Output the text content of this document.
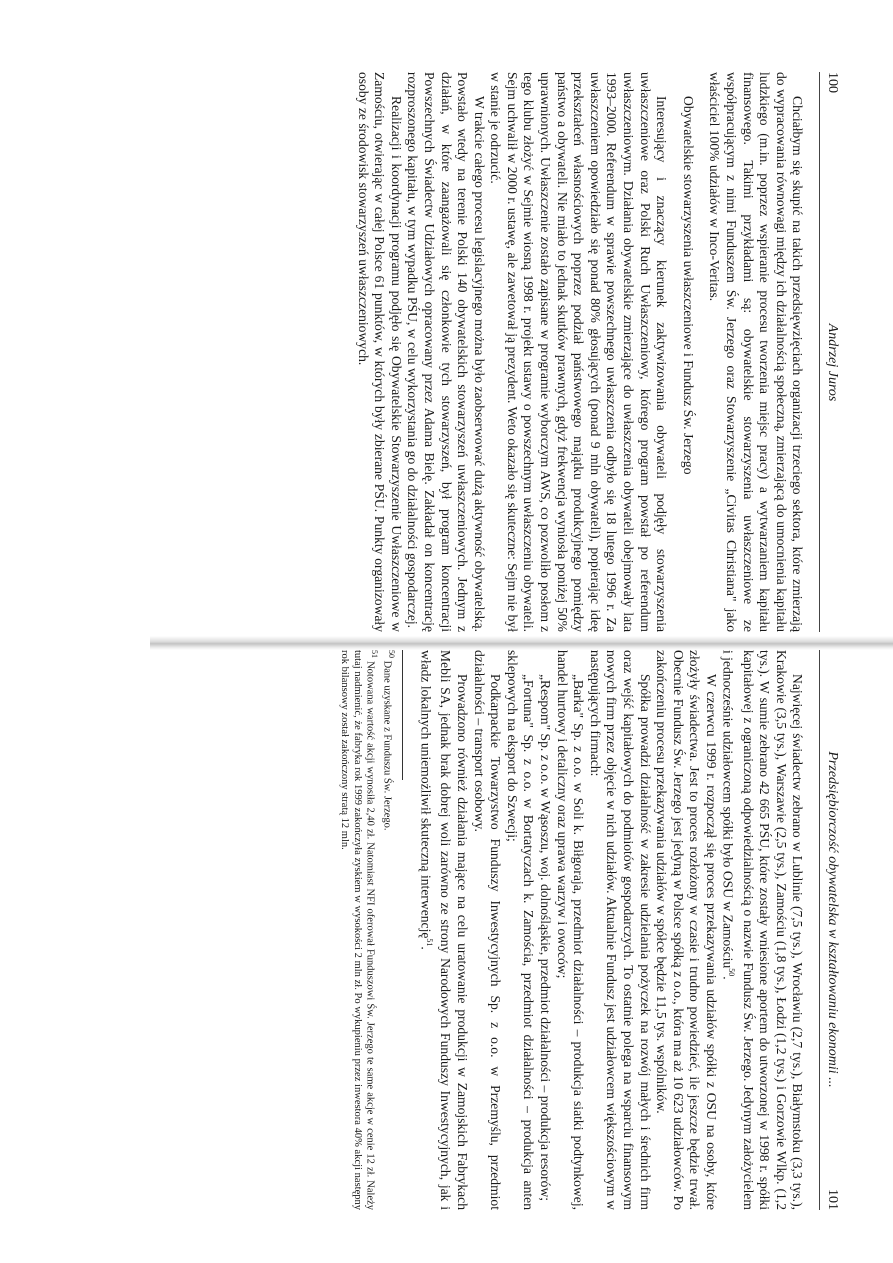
100
Andrzej Juros

Chciałbym się skupić na takich przedsięwzięciach organizacji trzeciego sektora, które zmierzają do wypracowania równowagi między ich działalnością społeczną, zmierzającą do umocnienia kapitału ludzkiego (m.in. poprzez wspieranie procesu tworzenia miejsc pracy) a wytwarzaniem kapitału finansowego. Takimi przykładami są: obywatelskie stowarzyszenia uwłaszczeniowe ze współpracującym z nimi Funduszem Św. Jerzego oraz Stowarzyszenie „Civitas Christiana" jako właściciel 100% udziałów w Inco-Veritas.

Obywatelskie stowarzyszenia uwłaszczeniowe i Fundusz Św. Jerzego

Interesujący i znaczący kierunek zaktywizowania obywateli podjęły stowarzyszenia uwłaszczeniowe oraz Polski Ruch Uwłaszczeniowy, którego program powstał po referendum uwłaszczeniowym. Działania obywatelskie zmierzające do uwłaszczenia obywateli obejmowały lata 1993–2000. Referendum w sprawie powszechnego uwłaszczenia odbyło się 18 lutego 1996 r. Za uwłaszczeniem opowiedziało się ponad 80% głosujących (ponad 9 mln obywateli), popierając ideę przekształceń własnościowych poprzez podział państwowego majątku produkcyjnego pomiędzy państwo a obywateli. Nie miało to jednak skutków prawnych, gdyż frekwencja wyniosła poniżej 50% uprawnionych. Uwłaszczenie zostało zapisane w programie wyborczym AWS, co pozwoliło posłom z tego klubu złożyć w Sejmie wiosną 1998 r. projekt ustawy o powszechnym uwłaszczeniu obywateli. Sejm uchwalił w 2000 r. ustawę, ale zawetował ją prezydent. Weto okazało się skuteczne: Sejm nie był w stanie je odrzucić.

W trakcie całego procesu legislacyjnego można było zaobserwować dużą aktywność obywatelską. Powstało wtedy na terenie Polski 140 obywatelskich stowarzyszeń uwłaszczeniowych. Jednym z działań, w które zaangażowali się członkowie tych stowarzyszeń, był program koncentracji Powszechnych Świadectw Udziałowych opracowany przez Adama Bielę. Zakładał on koncentrację rozproszonego kapitału, w tym wypadku PŚU, w celu wykorzystania go do działalności gospodarczej.

Realizacji i koordynacji programu podjęło się Obywatelskie Stowarzyszenie Uwłaszczeniowe w Zamościu, otwierając w całej Polsce 61 punktów, w których były zbierane PŚU. Punkty organizowały osoby ze środowisk stowarzyszeń uwłaszczeniowych.

Przedsiębiorczość obywatelska w kształtowaniu ekonomii ...
101

Najwięcej świadectw zebrano w Lublinie (7,5 tys.), Wrocławiu (2,7 tys.), Białymstoku (3,3 tys.), Krakowie (3,5 tys.), Warszawie (2,5 tys.), Zamościu (1,8 tys.), Łodzi (1,2 tys.) i Gorzowie Wlkp. (1,2 tys.). W sumie zebrano 42 665 PŚU, które zostały wniesione aportem do utworzonej w 1998 r. spółki kapitałowej z ograniczoną odpowiedzialnością o nazwie Fundusz Św. Jerzego. Jedynym założycielem i jednocześnie udziałowcem spółki było OSU w Zamościu$^{50}$.

W czerwcu 1999 r. rozpoczął się proces przekazywania udziałów spółki z OSU na osoby, które złożyły świadectwa. Jest to proces rozłożony w czasie i trudno powiedzieć, ile jeszcze będzie trwał. Obecnie Fundusz Św. Jerzego jest jedyną w Polsce spółką z o.o., która ma aż 10 623 udziałowców. Po zakończeniu procesu przekazywania udziałów w spółce będzie 11,5 tys. wspólników.

Spółka prowadzi działalność w zakresie udzielania pożyczek na rozwój małych i średnich firm oraz wejść kapitałowych do podmiotów gospodarczych. To ostatnie polega na wsparciu finansowym nowych firm przez objęcie w nich udziałów. Aktualnie Fundusz jest udziałowcem większościowym w następujących firmach:

„Barka" Sp. z o.o. w Soli k. Biłgoraja, przedmiot działalności – produkcja siatki podtynkowej, handel hurtowy i detaliczny oraz uprawa warzyw i owoców;

„Respom" Sp. z o.o. w Wąsoszu, woj. dolnośląskie, przedmiot działalności – produkcja resorów;

„Fortuna" Sp. z o.o. w Bortatyczach k. Zamościa, przedmiot działalności – produkcja anten sklepowych na eksport do Szwecji;

Podkarpackie Towarzystwo Funduszy Inwestycyjnych Sp. z o.o. w Przemyślu, przedmiot działalności – transport osobowy.

Prowadzono również działania mające na celu uratowanie produkcji w Zamojskich Fabrykach Mebli SA, jednak brak dobrej woli zarówno ze strony Narodowych Funduszy Inwestycyjnych, jak i władz lokalnych uniemożliwił skuteczną interwencję$^{51}$.

$^{50}$ Dane uzyskane z Funduszu Św. Jerzego.

$^{51}$ Notowana wartość akcji wynosiła 2,40 zł. Natomiast NFI oferował Funduszowi Św. Jerzego te same akcje w cenie 12 zł. Należy tutaj nadmienić, że fabryka rok 1999 zakończyła zyskiem w wysokości 2 mln zł. Po wykupieniu przez inwestora 40% akcji następny rok bilansowy został zakończony stratą 12 mln.
